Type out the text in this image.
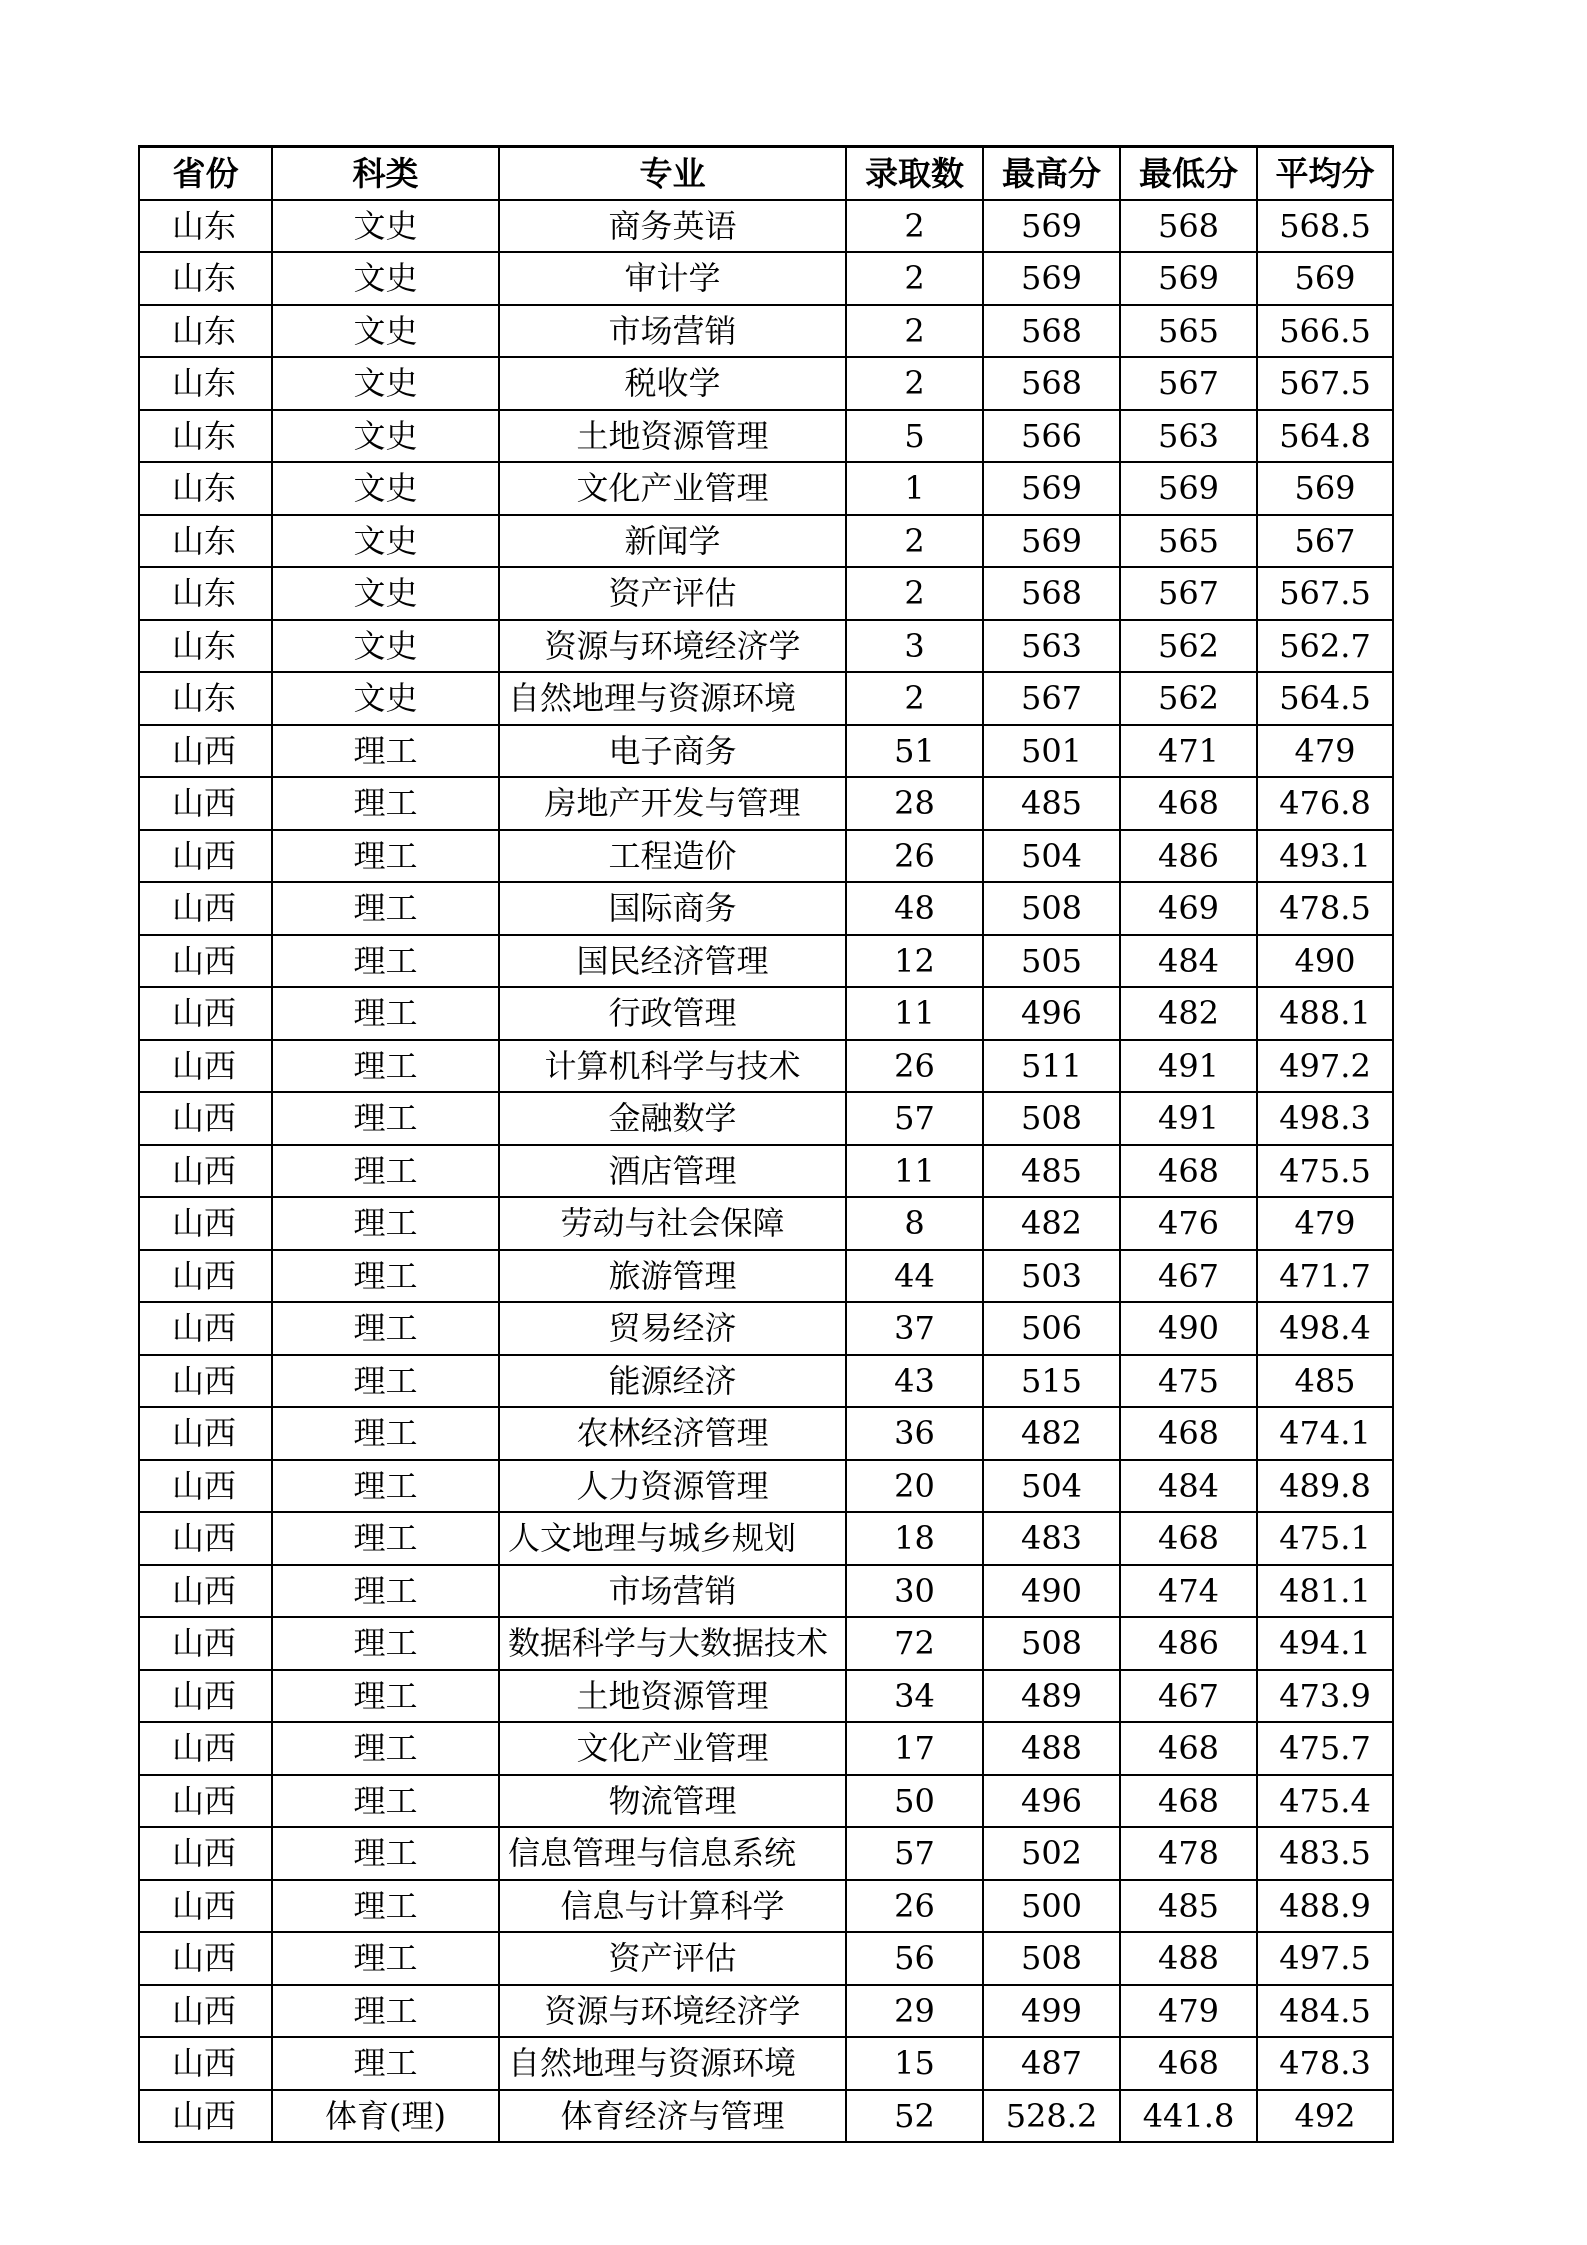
省份	科类	专业	录取数	最高分	最低分	平均分
山东	文史	商务英语	2	569	568	568.5
山东	文史	审计学	2	569	569	569
山东	文史	市场营销	2	568	565	566.5
山东	文史	税收学	2	568	567	567.5
山东	文史	土地资源管理	5	566	563	564.8
山东	文史	文化产业管理	1	569	569	569
山东	文史	新闻学	2	569	565	567
山东	文史	资产评估	2	568	567	567.5
山东	文史	资源与环境经济学	3	563	562	562.7
山东	文史	自然地理与资源环境	2	567	562	564.5
山西	理工	电子商务	51	501	471	479
山西	理工	房地产开发与管理	28	485	468	476.8
山西	理工	工程造价	26	504	486	493.1
山西	理工	国际商务	48	508	469	478.5
山西	理工	国民经济管理	12	505	484	490
山西	理工	行政管理	11	496	482	488.1
山西	理工	计算机科学与技术	26	511	491	497.2
山西	理工	金融数学	57	508	491	498.3
山西	理工	酒店管理	11	485	468	475.5
山西	理工	劳动与社会保障	8	482	476	479
山西	理工	旅游管理	44	503	467	471.7
山西	理工	贸易经济	37	506	490	498.4
山西	理工	能源经济	43	515	475	485
山西	理工	农林经济管理	36	482	468	474.1
山西	理工	人力资源管理	20	504	484	489.8
山西	理工	人文地理与城乡规划	18	483	468	475.1
山西	理工	市场营销	30	490	474	481.1
山西	理工	数据科学与大数据技术	72	508	486	494.1
山西	理工	土地资源管理	34	489	467	473.9
山西	理工	文化产业管理	17	488	468	475.7
山西	理工	物流管理	50	496	468	475.4
山西	理工	信息管理与信息系统	57	502	478	483.5
山西	理工	信息与计算科学	26	500	485	488.9
山西	理工	资产评估	56	508	488	497.5
山西	理工	资源与环境经济学	29	499	479	484.5
山西	理工	自然地理与资源环境	15	487	468	478.3
山西	体育(理)	体育经济与管理	52	528.2	441.8	492
